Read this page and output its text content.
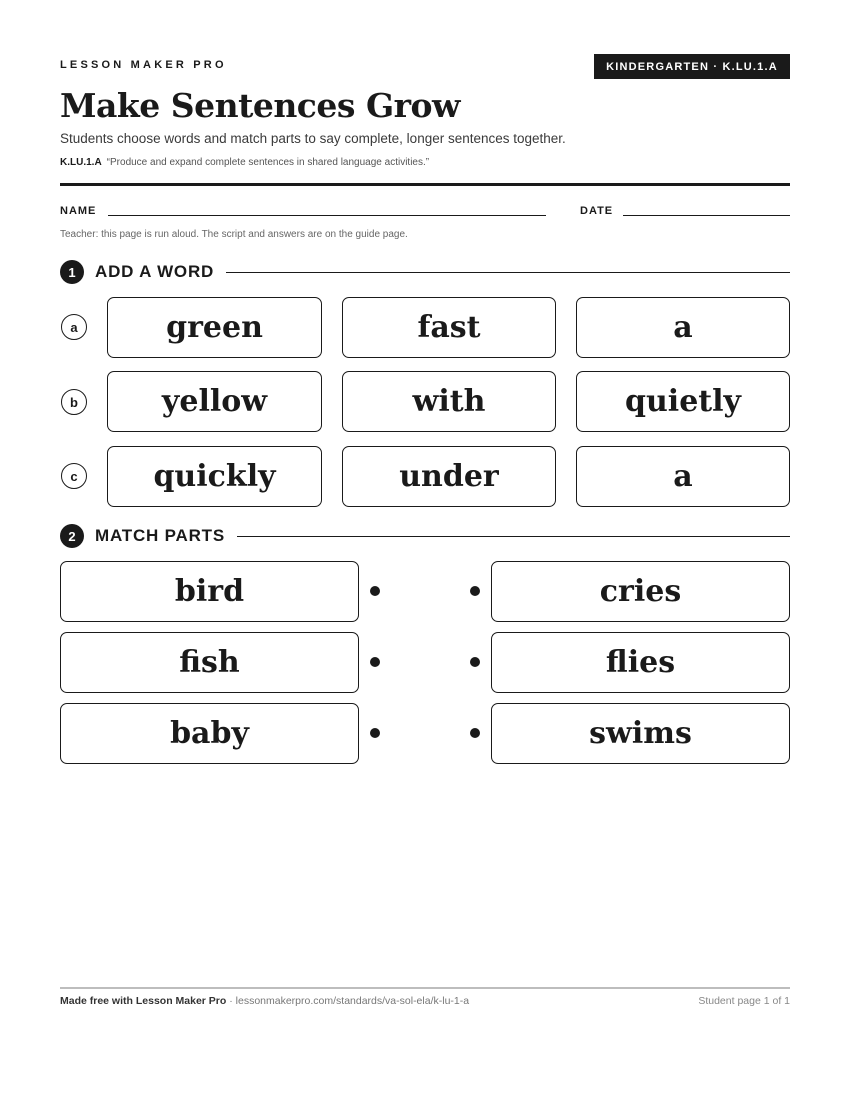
LESSON MAKER PRO	KINDERGARTEN · K.LU.1.A
Make Sentences Grow
Students choose words and match parts to say complete, longer sentences together.
K.LU.1.A “Produce and expand complete sentences in shared language activities.”
NAME	DATE
Teacher: this page is run aloud. The script and answers are on the guide page.
1	ADD A WORD
a	green	fast	a
b	yellow	with	quietly
c	quickly	under	a
2	MATCH PARTS
bird	cries
fish	flies
baby	swims
Made free with Lesson Maker Pro · lessonmakerpro.com/standards/va-sol-ela/k-lu-1-a	Student page 1 of 1
